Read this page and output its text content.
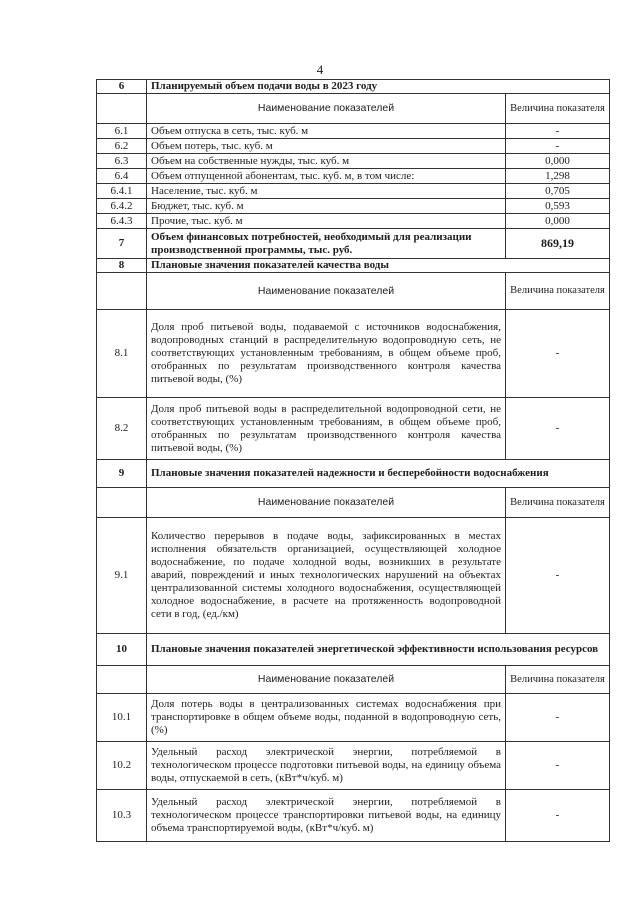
4
6	Планируемый объем подачи воды в 2023 году	
	Наименование показателей	Величина показателя
6.1	Объем отпуска в сеть, тыс. куб. м	-
6.2	Объем потерь, тыс. куб. м	-
6.3	Объем на собственные нужды, тыс. куб. м	0,000
6.4	Объем отпущенной абонентам, тыс. куб. м, в том числе:	1,298
6.4.1	Население, тыс. куб. м	0,705
6.4.2	Бюджет, тыс. куб. м	0,593
6.4.3	Прочие, тыс. куб. м	0,000
7	Объем финансовых потребностей, необходимый для реализации производственной программы, тыс. руб.	869,19
8	Плановые значения показателей качества воды	
	Наименование показателей	Величина показателя
8.1	Доля проб питьевой воды, подаваемой с источников водоснабжения, водопроводных станций в распределительную водопроводную сеть, не соответствующих установленным требованиям, в общем объеме проб, отобранных по результатам производственного контроля качества питьевой воды, (%)	-
8.2	Доля проб питьевой воды в распределительной водопроводной сети, не соответствующих установленным требованиям, в общем объеме проб, отобранных по результатам производственного контроля качества питьевой воды, (%)	-
9	Плановые значения показателей надежности и бесперебойности водоснабжения	
	Наименование показателей	Величина показателя
9.1	Количество перерывов в подаче воды, зафиксированных в местах исполнения обязательств организацией, осуществляющей холодное водоснабжение, по подаче холодной воды, возникших в результате аварий, повреждений и иных технологических нарушений на объектах централизованной системы холодного водоснабжения, осуществляющей холодное водоснабжение, в расчете на протяженность водопроводной сети в год, (ед./км)	-
10	Плановые значения показателей энергетической эффективности использования ресурсов	
	Наименование показателей	Величина показателя
10.1	Доля потерь воды в централизованных системах водоснабжения при транспортировке в общем объеме воды, поданной в водопроводную сеть, (%)	-
10.2	Удельный расход электрической энергии, потребляемой в технологическом процессе подготовки питьевой воды, на единицу объема воды, отпускаемой в сеть, (кВт*ч/куб. м)	-
10.3	Удельный расход электрической энергии, потребляемой в технологическом процессе транспортировки питьевой воды, на единицу объема транспортируемой воды, (кВт*ч/куб. м)	-
